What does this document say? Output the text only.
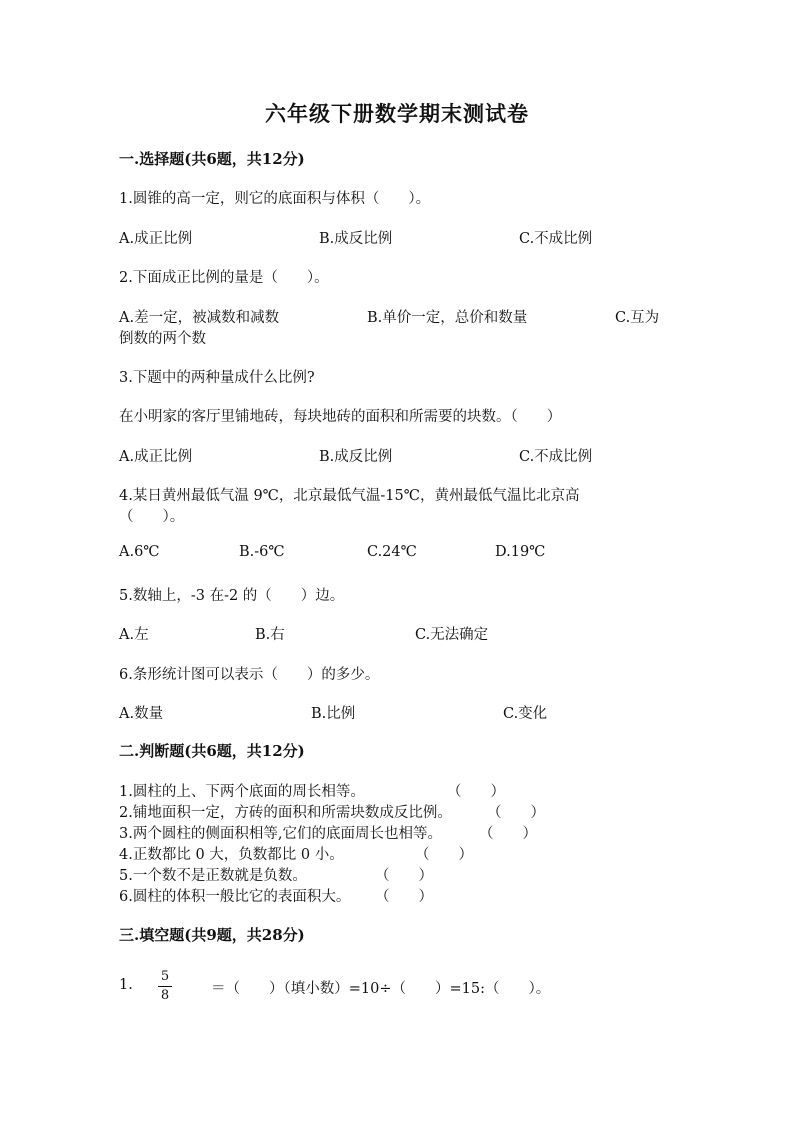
六年级下册数学期末测试卷
一.选择题(共6题，共12分)
1.圆锥的高一定，则它的底面积与体积（　　）。
A.成正比例	B.成反比例	C.不成比例
2.下面成正比例的量是（　　）。
A.差一定，被减数和减数	B.单价一定，总价和数量	C.互为
倒数的两个数
3.下题中的两种量成什么比例?
在小明家的客厅里铺地砖，每块地砖的面积和所需要的块数。（　　）
A.成正比例	B.成反比例	C.不成比例
4.某日黄州最低气温 9℃，北京最低气温-15℃，黄州最低气温比北京高
（　　）。
A.6℃	B.-6℃	C.24℃	D.19℃
5.数轴上，-3 在-2 的（　　）边。
A.左	B.右	C.无法确定
6.条形统计图可以表示（　　）的多少。
A.数量	B.比例	C.变化
二.判断题(共6题，共12分)
1.圆柱的上、下两个底面的周长相等。	（　　）
2.铺地面积一定，方砖的面积和所需块数成反比例。 （　　）
3.两个圆柱的侧面积相等,它们的底面周长也相等。	（　　）
4.正数都比 0 大，负数都比 0 小。	（　　）
5.一个数不是正数就是负数。	（　　）
6.圆柱的体积一般比它的表面积大。 （　　）
三.填空题(共9题，共28分)
1.
5
8	＝（　　）（填小数）=10÷（　　）=15:（　　）。
